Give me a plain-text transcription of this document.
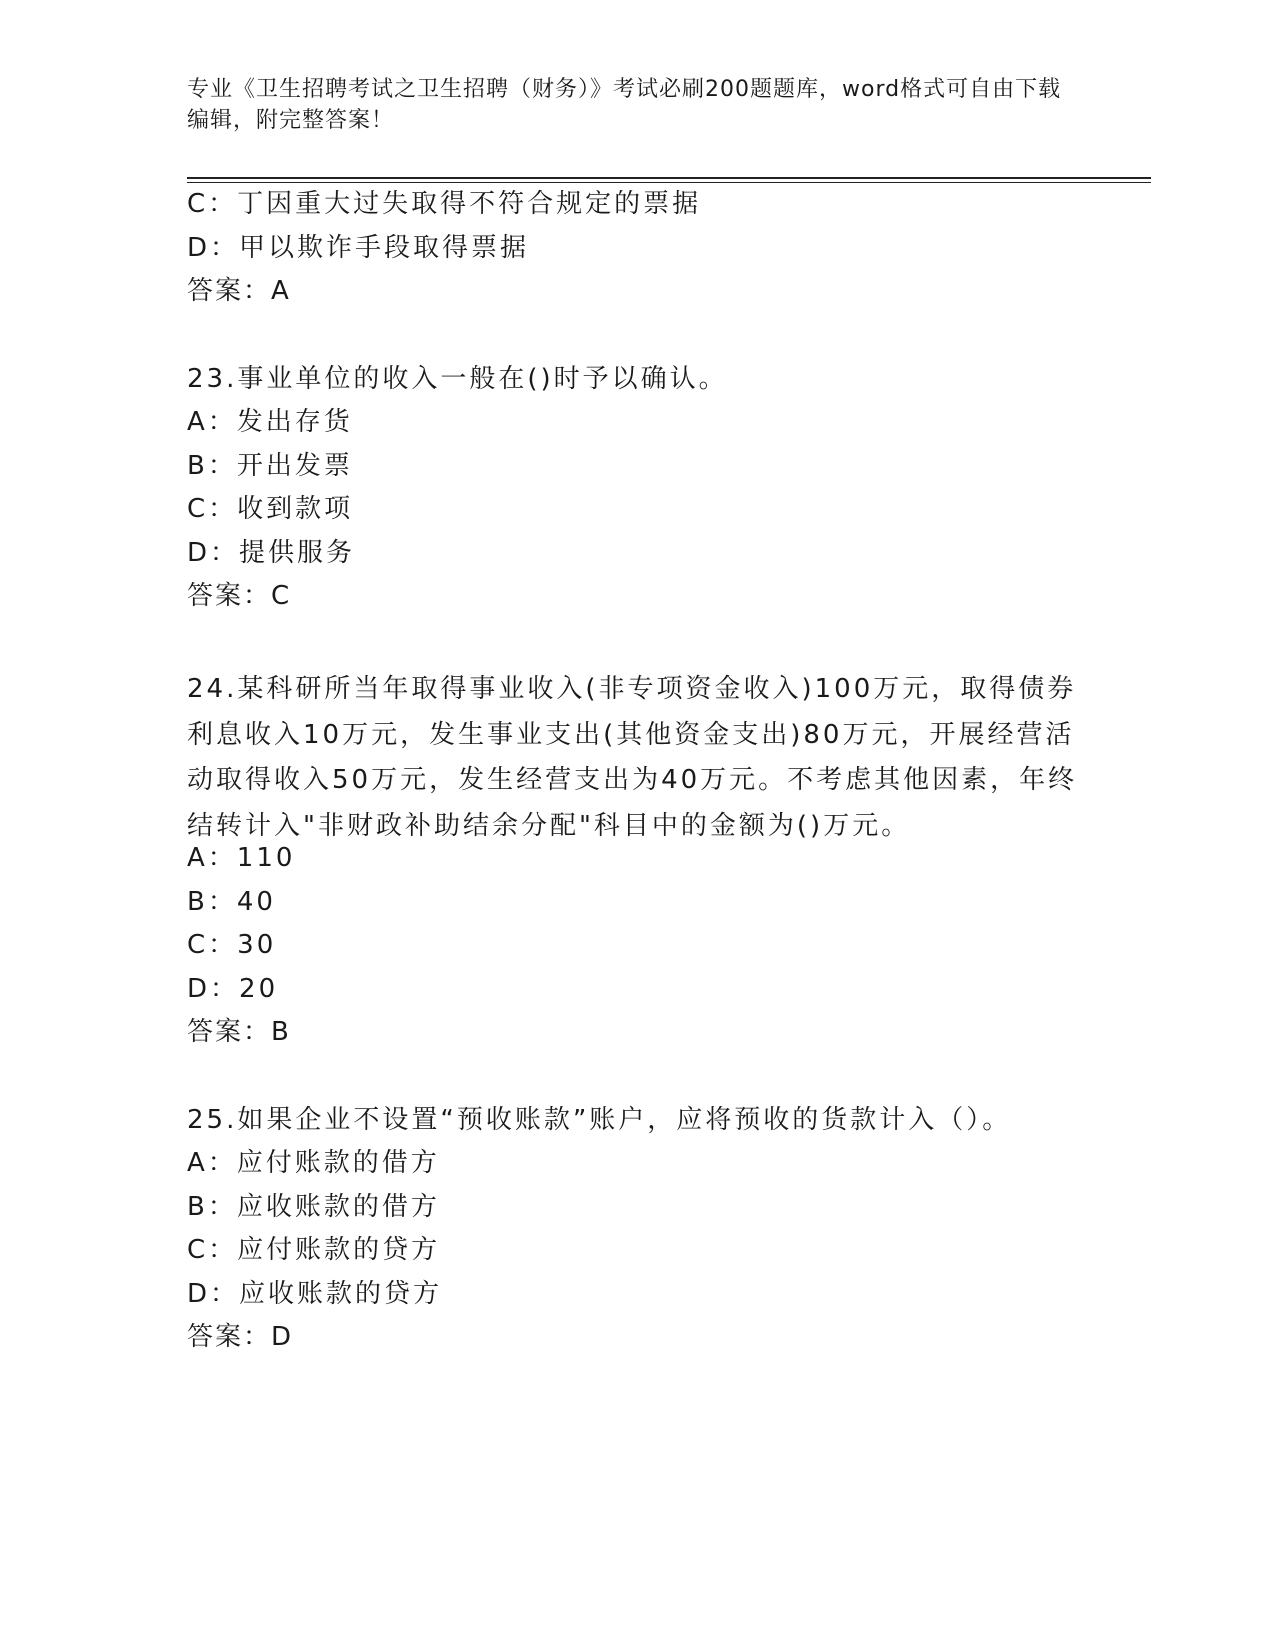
专业《卫生招聘考试之卫生招聘（财务）》考试必刷200题题库，word格式可自由下载编辑，附完整答案！
C：丁因重大过失取得不符合规定的票据
D：甲以欺诈手段取得票据
答案：A
23.事业单位的收入一般在()时予以确认。
A：发出存货
B：开出发票
C：收到款项
D：提供服务
答案：C
24.某科研所当年取得事业收入(非专项资金收入)100万元，取得债券利息收入10万元，发生事业支出(其他资金支出)80万元，开展经营活动取得收入50万元，发生经营支出为40万元。不考虑其他因素，年终结转计入"非财政补助结余分配"科目中的金额为()万元。
A：110
B：40
C：30
D：20
答案：B
25.如果企业不设置“预收账款”账户，应将预收的货款计入（）。
A：应付账款的借方
B：应收账款的借方
C：应付账款的贷方
D：应收账款的贷方
答案：D
